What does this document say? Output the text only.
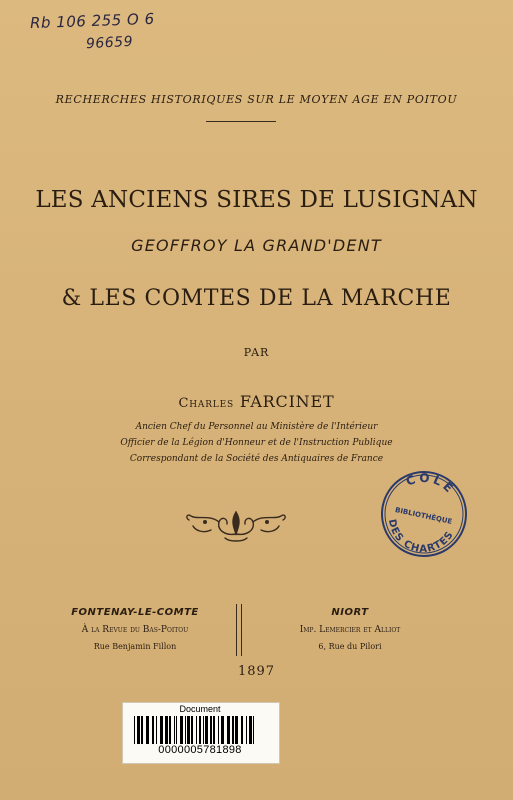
Rb 106 255 O 6
96659
RECHERCHES HISTORIQUES SUR LE MOYEN AGE EN POITOU
LES ANCIENS SIRES DE LUSIGNAN
GEOFFROY LA GRAND'DENT
& LES COMTES DE LA MARCHE
PAR
Charles FARCINET
Ancien Chef du Personnel au Ministère de l'Intérieur
Officier de la Légion d'Honneur et de l'Instruction Publique
Correspondant de la Société des Antiquaires de France
COLE
BIBLIOTHÈQUE
DES CHARTES
FONTENAY-LE-COMTE
À la Revue du Bas-Poitou
Rue Benjamin Fillon
NIORT
Imp. Lemercier et Alliot
6, Rue du Pilori
1897
Document
0000005781898
